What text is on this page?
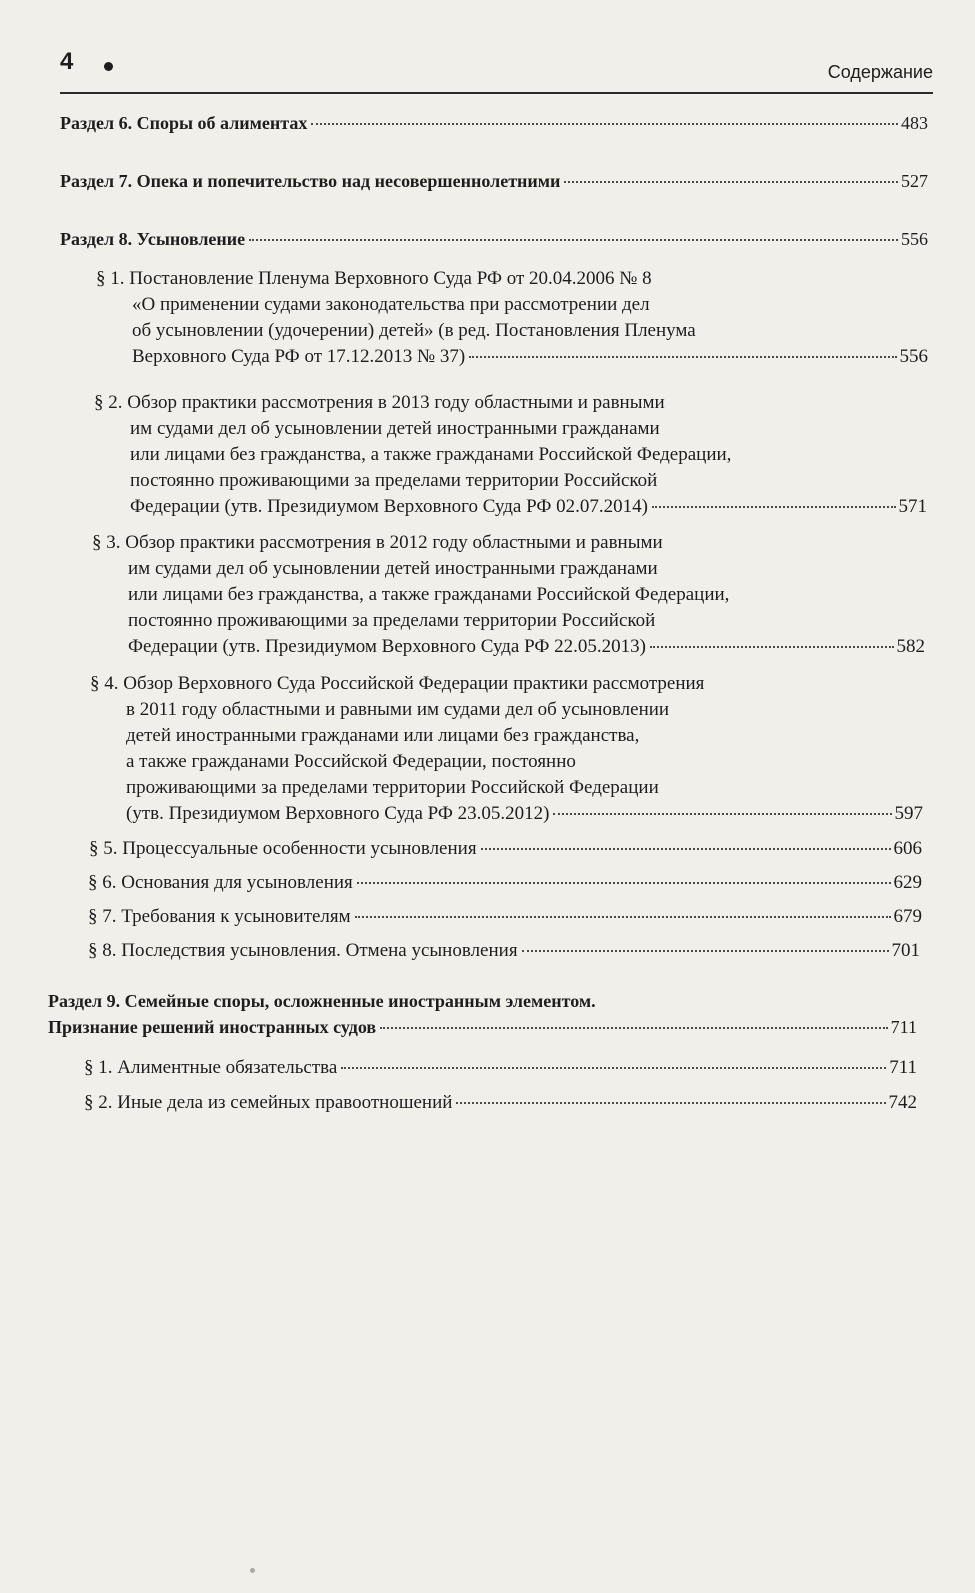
4	Содержание
Раздел 6. Споры об алиментах	483
Раздел 7. Опека и попечительство над несовершеннолетними	527
Раздел 8. Усыновление	556
§ 1. Постановление Пленума Верховного Суда РФ от 20.04.2006 № 8
«О применении судами законодательства при рассмотрении дел
об усыновлении (удочерении) детей» (в ред. Постановления Пленума
Верховного Суда РФ от 17.12.2013 № 37)	556
§ 2. Обзор практики рассмотрения в 2013 году областными и равными
им судами дел об усыновлении детей иностранными гражданами
или лицами без гражданства, а также гражданами Российской Федерации,
постоянно проживающими за пределами территории Российской
Федерации (утв. Президиумом Верховного Суда РФ 02.07.2014)	571
§ 3. Обзор практики рассмотрения в 2012 году областными и равными
им судами дел об усыновлении детей иностранными гражданами
или лицами без гражданства, а также гражданами Российской Федерации,
постоянно проживающими за пределами территории Российской
Федерации (утв. Президиумом Верховного Суда РФ 22.05.2013)	582
§ 4. Обзор Верховного Суда Российской Федерации практики рассмотрения
в 2011 году областными и равными им судами дел об усыновлении
детей иностранными гражданами или лицами без гражданства,
а также гражданами Российской Федерации, постоянно
проживающими за пределами территории Российской Федерации
(утв. Президиумом Верховного Суда РФ 23.05.2012)	597
§ 5. Процессуальные особенности усыновления	606
§ 6. Основания для усыновления	629
§ 7. Требования к усыновителям	679
§ 8. Последствия усыновления. Отмена усыновления	701
Раздел 9. Семейные споры, осложненные иностранным элементом.
Признание решений иностранных судов	711
§ 1. Алиментные обязательства	711
§ 2. Иные дела из семейных правоотношений	742
